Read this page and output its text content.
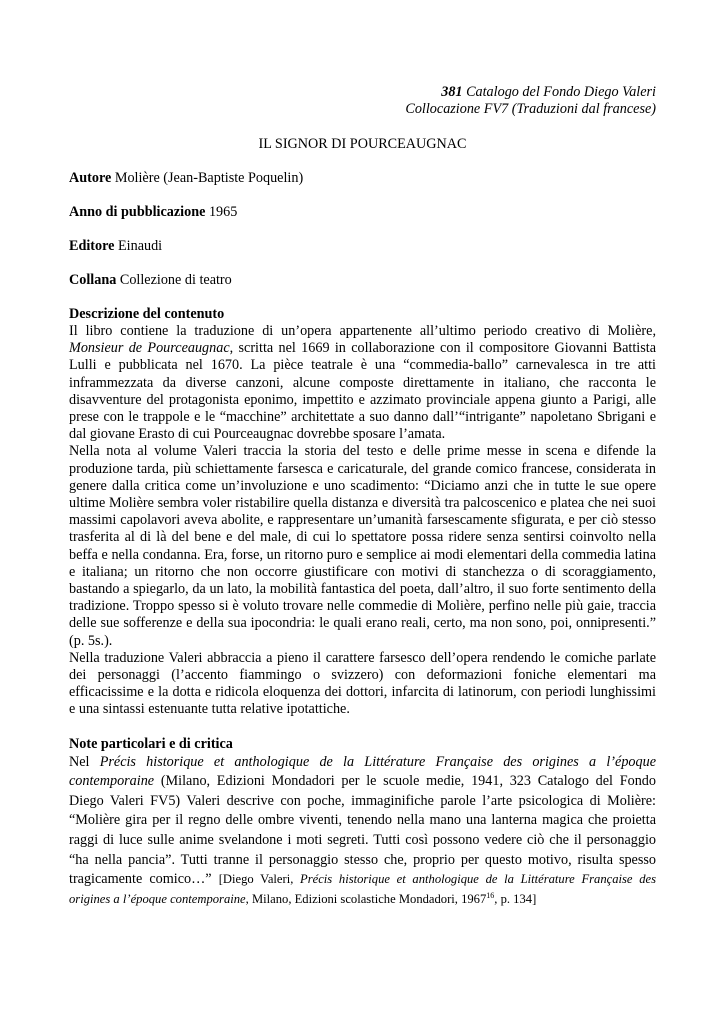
381 Catalogo del Fondo Diego Valeri
Collocazione FV7 (Traduzioni dal francese)
IL SIGNOR DI POURCEAUGNAC
Autore Molière (Jean-Baptiste Poquelin)
Anno di pubblicazione 1965
Editore Einaudi
Collana Collezione di teatro
Descrizione del contenuto
Il libro contiene la traduzione di un’opera appartenente all’ultimo periodo creativo di Molière, Monsieur de Pourceaugnac, scritta nel 1669 in collaborazione con il compositore Giovanni Battista Lulli e pubblicata nel 1670. La pièce teatrale è una “commedia-ballo” carnevalesca in tre atti inframmezzata da diverse canzoni, alcune composte direttamente in italiano, che racconta le disavventure del protagonista eponimo, impettito e azzimato provinciale appena giunto a Parigi, alle prese con le trappole e le “macchine” architettate a suo danno dall’“intrigante” napoletano Sbrigani e dal giovane Erasto di cui Pourceaugnac dovrebbe sposare l’amata.
Nella nota al volume Valeri traccia la storia del testo e delle prime messe in scena e difende la produzione tarda, più schiettamente farsesca e caricaturale, del grande comico francese, considerata in genere dalla critica come un’involuzione e uno scadimento: “Diciamo anzi che in tutte le sue opere ultime Molière sembra voler ristabilire quella distanza e diversità tra palcoscenico e platea che nei suoi massimi capolavori aveva abolite, e rappresentare un’umanità farsescamente sfigurata, e per ciò stesso trasferita al di là del bene e del male, di cui lo spettatore possa ridere senza sentirsi coinvolto nella beffa e nella condanna. Era, forse, un ritorno puro e semplice ai modi elementari della commedia latina e italiana; un ritorno che non occorre giustificare con motivi di stanchezza o di scoraggiamento, bastando a spiegarlo, da un lato, la mobilità fantastica del poeta, dall’altro, il suo forte sentimento della tradizione. Troppo spesso si è voluto trovare nelle commedie di Molière, perfino nelle più gaie, traccia delle sue sofferenze e della sua ipocondria: le quali erano reali, certo, ma non sono, poi, onnipresenti.” (p. 5s.).
Nella traduzione Valeri abbraccia a pieno il carattere farsesco dell’opera rendendo le comiche parlate dei personaggi (l’accento fiammingo o svizzero) con deformazioni foniche elementari ma efficacissime e la dotta e ridicola eloquenza dei dottori, infarcita di latinorum, con periodi lunghissimi e una sintassi estenuante tutta relative ipotattiche.
Note particolari e di critica
Nel Précis historique et anthologique de la Littérature Française des origines a l’époque contemporaine (Milano, Edizioni Mondadori per le scuole medie, 1941, 323 Catalogo del Fondo Diego Valeri FV5) Valeri descrive con poche, immaginifiche parole l’arte psicologica di Molière: “Molière gira per il regno delle ombre viventi, tenendo nella mano una lanterna magica che proietta raggi di luce sulle anime svelandone i moti segreti. Tutti così possono vedere ciò che il personaggio “ha nella pancia”. Tutti tranne il personaggio stesso che, proprio per questo motivo, risulta spesso tragicamente comico…” [Diego Valeri, Précis historique et anthologique de la Littérature Française des origines a l’époque contemporaine, Milano, Edizioni scolastiche Mondadori, 1967$^{16}$, p. 134]
